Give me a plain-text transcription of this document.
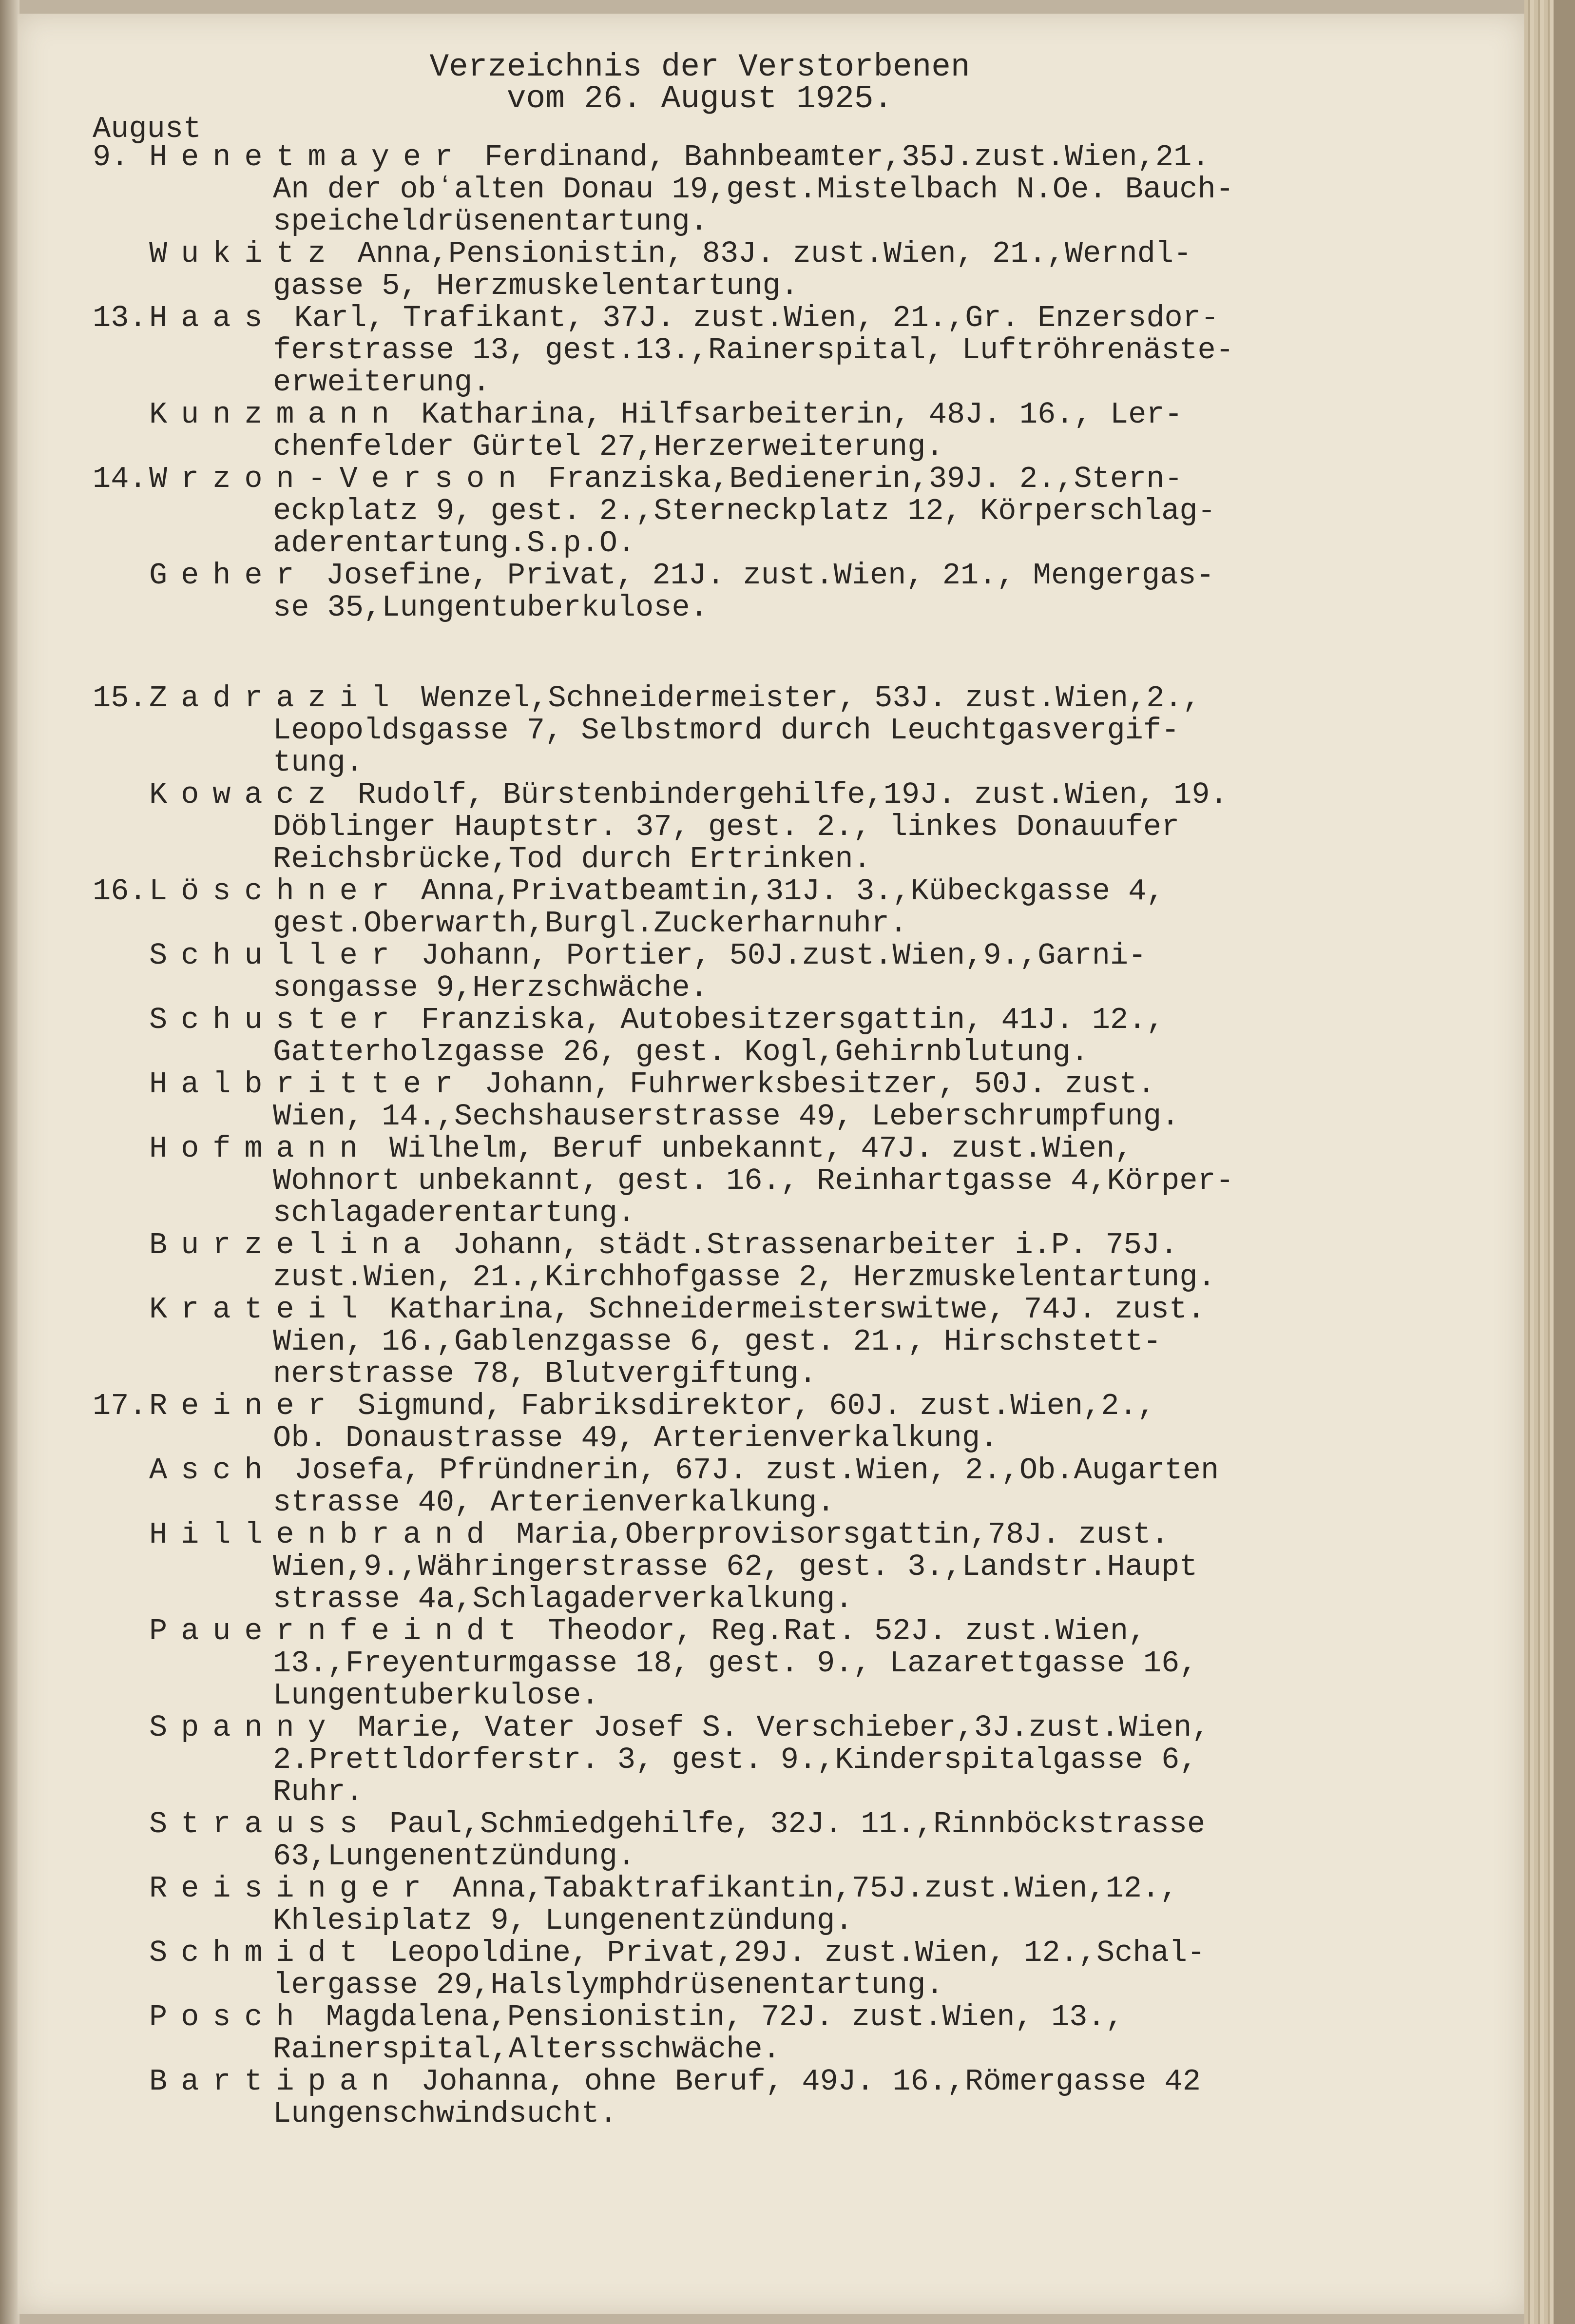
Verzeichnis der Verstorbenen
vom 26. August 1925.
August
9. Henetmayer Ferdinand, Bahnbeamter,35J.zust.Wien,21.
An der obʻalten Donau 19,gest.Mistelbach N.Oe. Bauch-
speicheldrüsenentartung.
Wukitz Anna,Pensionistin, 83J. zust.Wien, 21.,Werndl-
gasse 5, Herzmuskelentartung.
13.Haas Karl, Trafikant, 37J. zust.Wien, 21.,Gr. Enzersdor-
ferstrasse 13, gest.13.,Rainerspital, Luftröhrenäste-
erweiterung.
Kunzmann Katharina, Hilfsarbeiterin, 48J. 16., Ler-
chenfelder Gürtel 27,Herzerweiterung.
14.Wrzon-Verson Franziska,Bedienerin,39J. 2.,Stern-
eckplatz 9, gest. 2.,Sterneckplatz 12, Körperschlag-
aderentartung.S.p.O.
Geher Josefine, Privat, 21J. zust.Wien, 21., Mengergas-
se 35,Lungentuberkulose.
15.Zadrazil Wenzel,Schneidermeister, 53J. zust.Wien,2.,
Leopoldsgasse 7, Selbstmord durch Leuchtgasvergif-
tung.
Kowacz Rudolf, Bürstenbindergehilfe,19J. zust.Wien, 19.
Döblinger Hauptstr. 37, gest. 2., linkes Donauufer
Reichsbrücke,Tod durch Ertrinken.
16.Löschner Anna,Privatbeamtin,31J. 3.,Kübeckgasse 4,
gest.Oberwarth,Burgl.Zuckerharnuhr.
Schuller Johann, Portier, 50J.zust.Wien,9.,Garni-
songasse 9,Herzschwäche.
Schuster Franziska, Autobesitzersgattin, 41J. 12.,
Gatterholzgasse 26, gest. Kogl,Gehirnblutung.
Halbritter Johann, Fuhrwerksbesitzer, 50J. zust.
Wien, 14.,Sechshauserstrasse 49, Leberschrumpfung.
Hofmann Wilhelm, Beruf unbekannt, 47J. zust.Wien,
Wohnort unbekannt, gest. 16., Reinhartgasse 4,Körper-
schlagaderentartung.
Burzelina Johann, städt.Strassenarbeiter i.P. 75J.
zust.Wien, 21.,Kirchhofgasse 2, Herzmuskelentartung.
Krateil Katharina, Schneidermeisterswitwe, 74J. zust.
Wien, 16.,Gablenzgasse 6, gest. 21., Hirschstett-
nerstrasse 78, Blutvergiftung.
17.Reiner Sigmund, Fabriksdirektor, 60J. zust.Wien,2.,
Ob. Donaustrasse 49, Arterienverkalkung.
Asch Josefa, Pfründnerin, 67J. zust.Wien, 2.,Ob.Augarten
strasse 40, Arterienverkalkung.
Hillenbrand Maria,Oberprovisorsgattin,78J. zust.
Wien,9.,Währingerstrasse 62, gest. 3.,Landstr.Haupt
strasse 4a,Schlagaderverkalkung.
Pauernfeindt Theodor, Reg.Rat. 52J. zust.Wien,
13.,Freyenturmgasse 18, gest. 9., Lazarettgasse 16,
Lungentuberkulose.
Spanny Marie, Vater Josef S. Verschieber,3J.zust.Wien,
2.Prettldorferstr. 3, gest. 9.,Kinderspitalgasse 6,
Ruhr.
Strauss Paul,Schmiedgehilfe, 32J. 11.,Rinnböckstrasse
63,Lungenentzündung.
Reisinger Anna,Tabaktrafikantin,75J.zust.Wien,12.,
Khlesiplatz 9, Lungenentzündung.
Schmidt Leopoldine, Privat,29J. zust.Wien, 12.,Schal-
lergasse 29,Halslymphdrüsenentartung.
Posch Magdalena,Pensionistin, 72J. zust.Wien, 13.,
Rainerspital,Altersschwäche.
Bartipan Johanna, ohne Beruf, 49J. 16.,Römergasse 42
Lungenschwindsucht.
